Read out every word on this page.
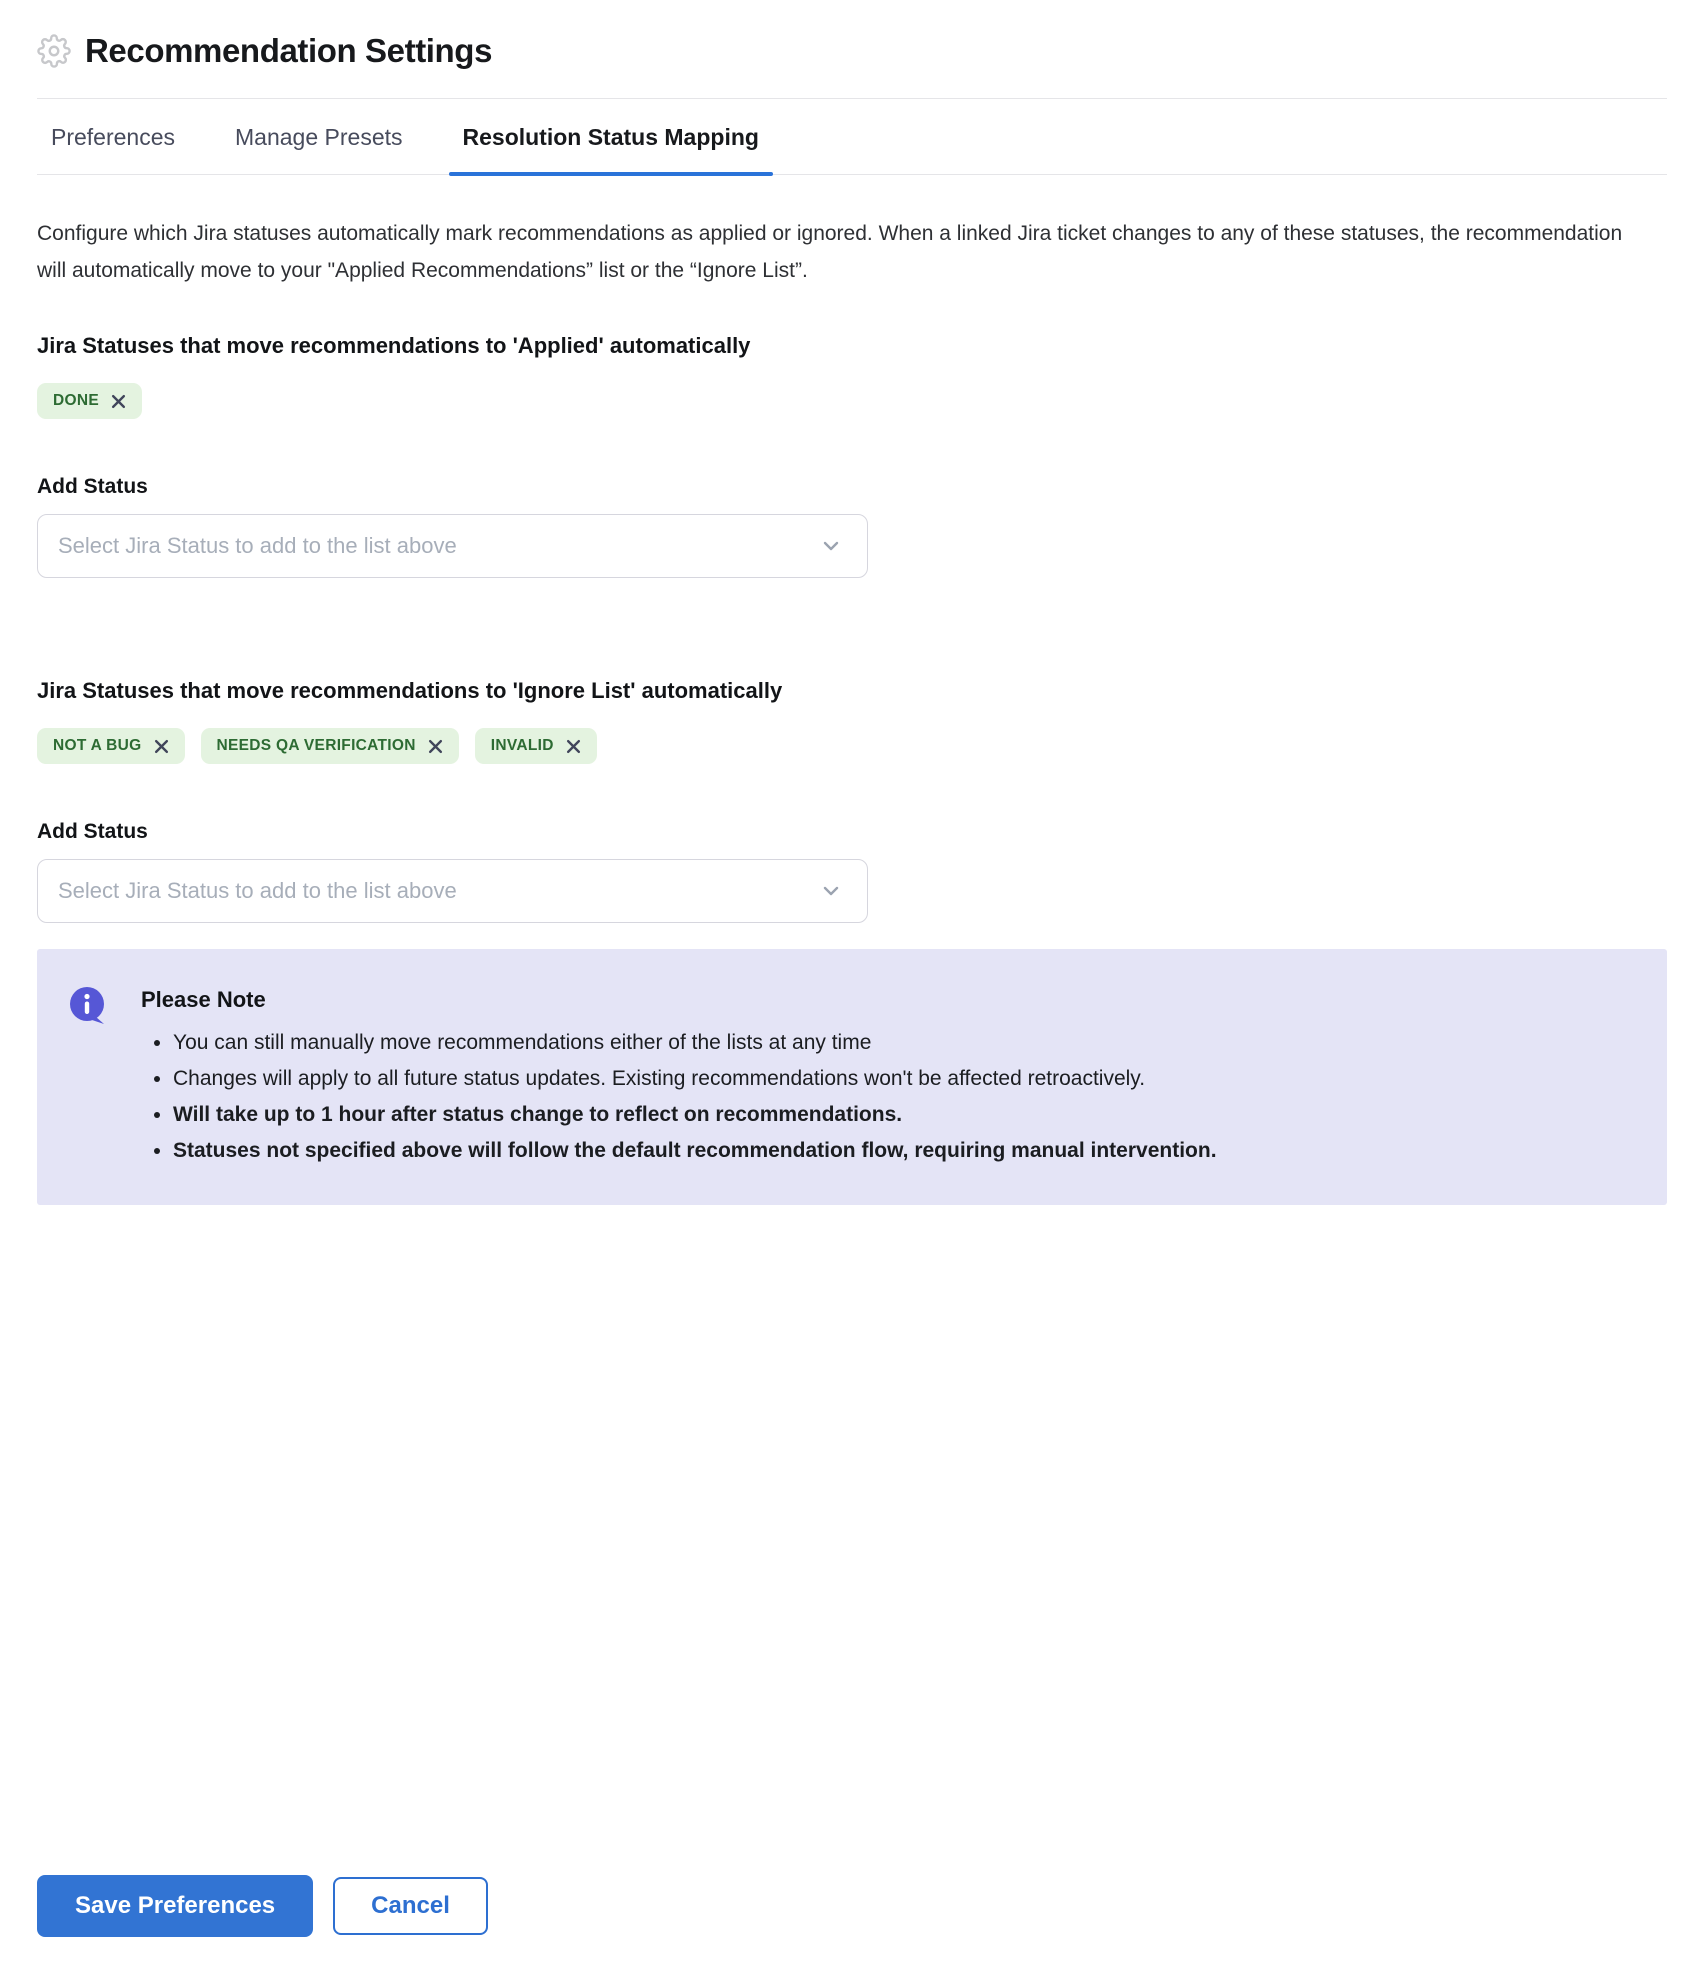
Recommendation Settings
Preferences	Manage Presets	Resolution Status Mapping

Configure which Jira statuses automatically mark recommendations as applied or ignored. When a linked Jira ticket changes to any of these statuses, the recommendation will automatically move to your "Applied Recommendations” list or the “Ignore List”.

Jira Statuses that move recommendations to 'Applied' automatically
DONE
Add Status
Select Jira Status to add to the list above
Jira Statuses that move recommendations to 'Ignore List' automatically
NOT A BUG	NEEDS QA VERIFICATION	INVALID
Add Status
Select Jira Status to add to the list above
Please Note
• You can still manually move recommendations either of the lists at any time
• Changes will apply to all future status updates. Existing recommendations won't be affected retroactively.
• Will take up to 1 hour after status change to reflect on recommendations.
• Statuses not specified above will follow the default recommendation flow, requiring manual intervention.
Save Preferences	Cancel
